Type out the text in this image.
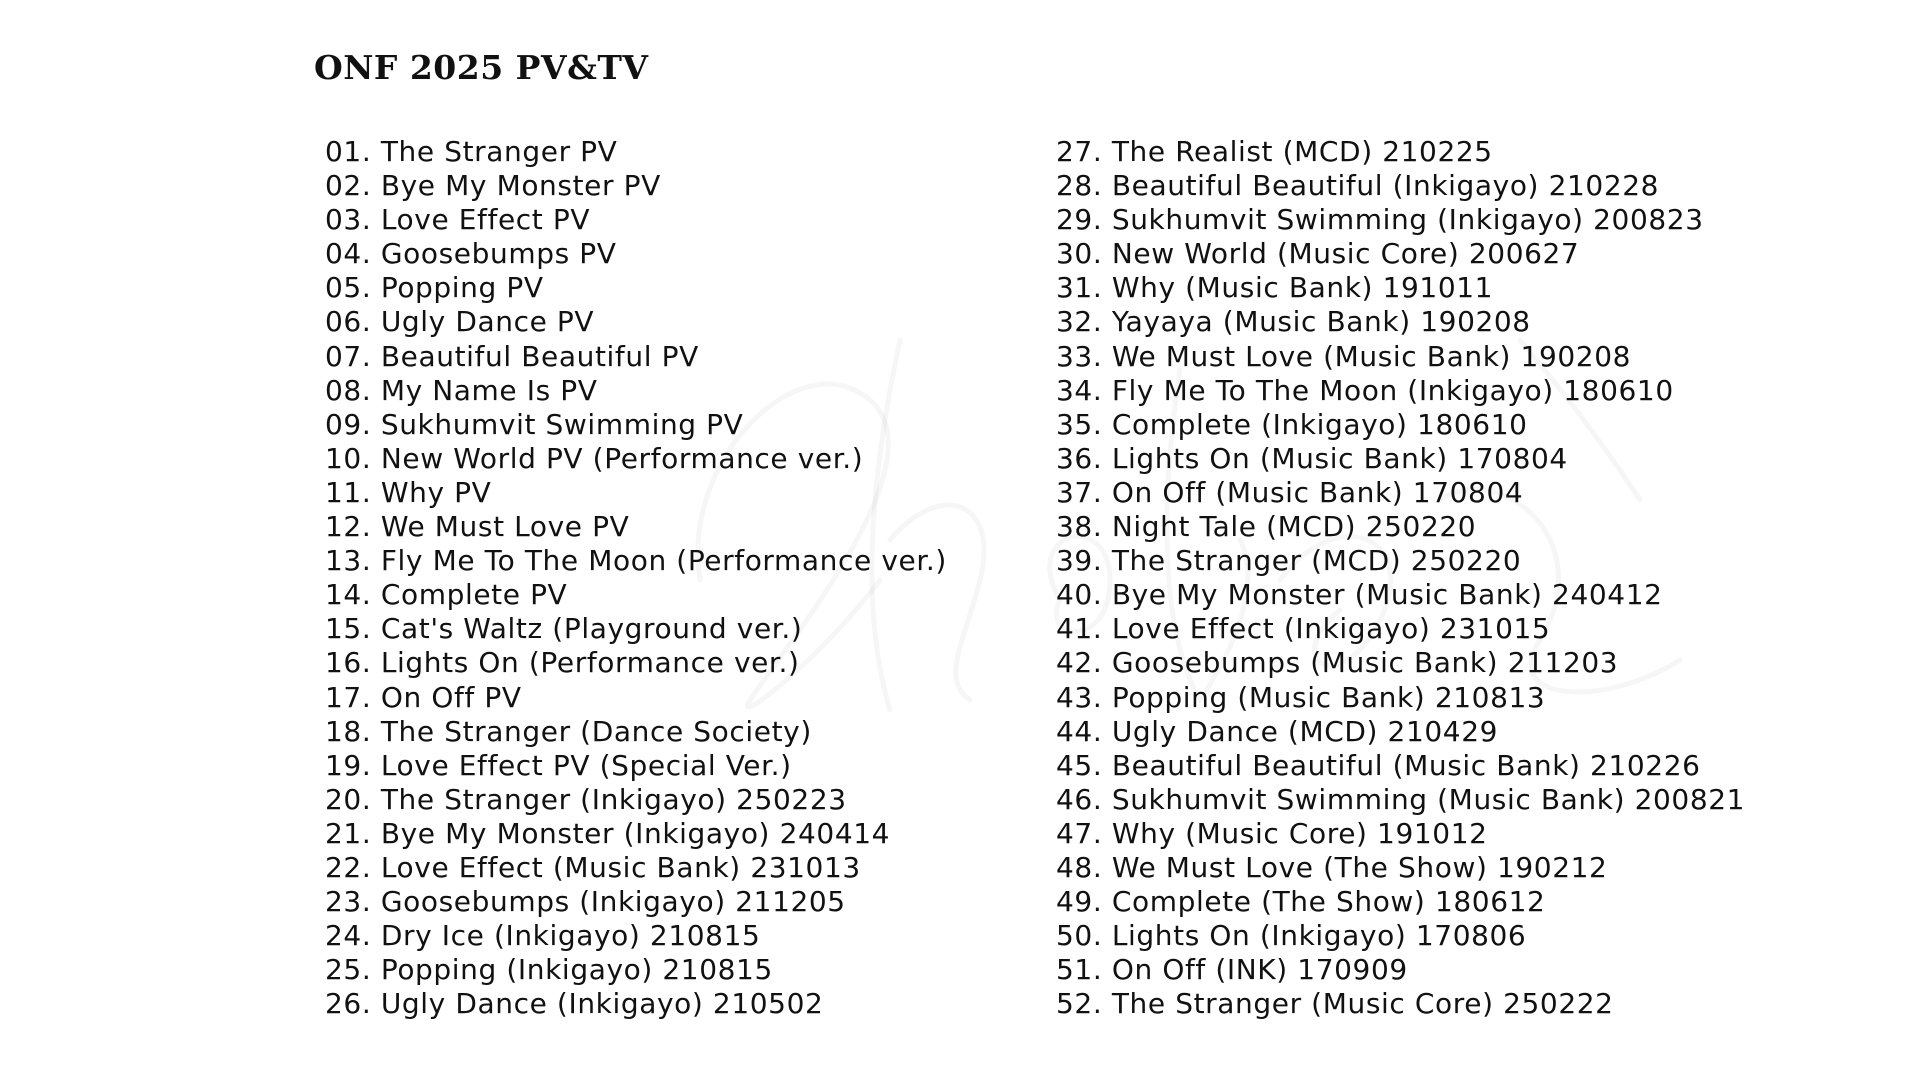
ONF 2025 PV&TV
01. The Stranger PV
02. Bye My Monster PV
03. Love Effect PV
04. Goosebumps PV
05. Popping PV
06. Ugly Dance PV
07. Beautiful Beautiful PV
08. My Name Is PV
09. Sukhumvit Swimming PV
10. New World PV (Performance ver.)
11. Why PV
12. We Must Love PV
13. Fly Me To The Moon (Performance ver.)
14. Complete PV
15. Cat's Waltz (Playground ver.)
16. Lights On (Performance ver.)
17. On Off PV
18. The Stranger (Dance Society)
19. Love Effect PV (Special Ver.)
20. The Stranger (Inkigayo) 250223
21. Bye My Monster (Inkigayo) 240414
22. Love Effect (Music Bank) 231013
23. Goosebumps (Inkigayo) 211205
24. Dry Ice (Inkigayo) 210815
25. Popping (Inkigayo) 210815
26. Ugly Dance (Inkigayo) 210502
27. The Realist (MCD) 210225
28. Beautiful Beautiful (Inkigayo) 210228
29. Sukhumvit Swimming (Inkigayo) 200823
30. New World (Music Core) 200627
31. Why (Music Bank) 191011
32. Yayaya (Music Bank) 190208
33. We Must Love (Music Bank) 190208
34. Fly Me To The Moon (Inkigayo) 180610
35. Complete (Inkigayo) 180610
36. Lights On (Music Bank) 170804
37. On Off (Music Bank) 170804
38. Night Tale (MCD) 250220
39. The Stranger (MCD) 250220
40. Bye My Monster (Music Bank) 240412
41. Love Effect (Inkigayo) 231015
42. Goosebumps (Music Bank) 211203
43. Popping (Music Bank) 210813
44. Ugly Dance (MCD) 210429
45. Beautiful Beautiful (Music Bank) 210226
46. Sukhumvit Swimming (Music Bank) 200821
47. Why (Music Core) 191012
48. We Must Love (The Show) 190212
49. Complete (The Show) 180612
50. Lights On (Inkigayo) 170806
51. On Off (INK) 170909
52. The Stranger (Music Core) 250222
